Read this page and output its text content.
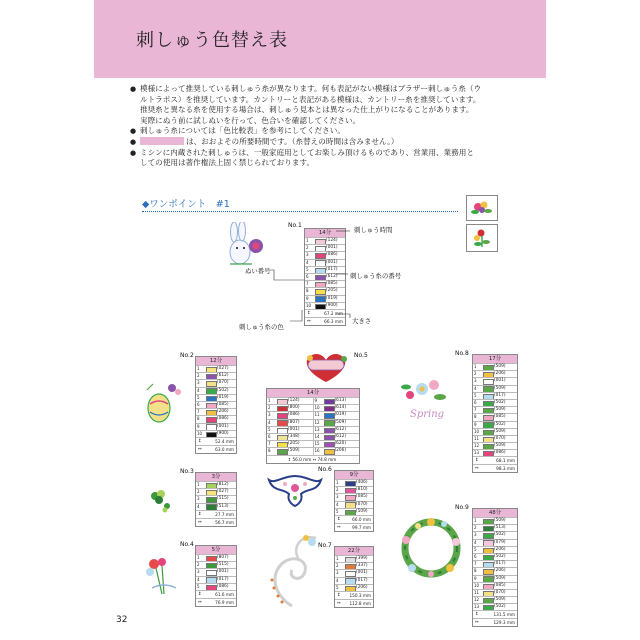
刺しゅう色替え表
● 模様によって推奨している刺しゅう糸が異なります。何も表記がない模様はブラザー刺しゅう糸（ウ
ルトラポス）を推奨しています。カントリーと表記がある模様は、カントリー糸を推奨しています。
推奨糸と異なる糸を使用する場合は、刺しゅう見本とは異なった仕上がりになることがあります。
実際にぬう前に試しぬいを行って、色合いを確認してください。
● 刺しゅう糸については「色比較表」を参考にしてください。
●	は、おおよその所要時間です。（糸替えの時間は含みません。）
● ミシンに内蔵された刺しゅうは、一般家庭用としてお楽しみ頂けるものであり、営業用、業務用と
しての使用は著作権法上固く禁じられております。
◆ワンポイント　#1
No.1
14分
1	(124)
2	(001)
3	(086)
4	(001)
5	(017)
6	(612)
7	(085)
8	(205)
9	(019)
10	(900)
↕	67.2 mm
↔	66.3 mm
No.2
12分
1	(027)
2	(612)
3	(070)
4	(502)
5	(019)
6	(085)
7	(206)
8	(086)
9	(001)
10	(900)
↕	52.4 mm
↔	63.0 mm
No.3
3分
1	(812)
2	(027)
3	(515)
4	(513)
↕	27.7 mm
↔	56.7 mm
No.4
5分
1	(807)
2	(515)
3	(001)
4	(017)
5	(086)
↕	61.6 mm
↔	76.9 mm
No.5
14分
1	(124)
2	(800)
3	(086)
4	(807)
5	(001)
6	(348)
7	(205)
8	(509)
9	(613)
10	(614)
11	(019)
12	(509)
13	(612)
14	(612)
15	(620)
16	(206)
↕ 56.0 mm ↔ 74.8 mm
No.6
9分
1	(406)
2	(810)
3	(085)
4	(070)
5	(509)
↕	66.0 mm
↔	99.7 mm
No.7
22分
1	(399)
2	(337)
3	(001)
4	(017)
5	(206)
↕ 150.3 mm
↔ 112.8 mm
No.8
17分
1	(509)
2	(206)
3	(001)
4	(509)
5	(017)
6	(502)
7	(509)
8	(085)
9	(502)
10	(509)
11	(070)
12	(509)
13	(086)
↕	68.1 mm
↔	98.3 mm
No.9
48分
1	(509)
2	(513)
3	(502)
4	(079)
5	(206)
6	(502)
7	(017)
8	(206)
9	(509)
10	(085)
11	(070)
12	(509)
13	(502)
↕	131.5 mm
↔	129.3 mm
刺しゅう時間
ぬい番号
刺しゅう糸の番号
刺しゅう糸の色
大きさ
Spring
32
